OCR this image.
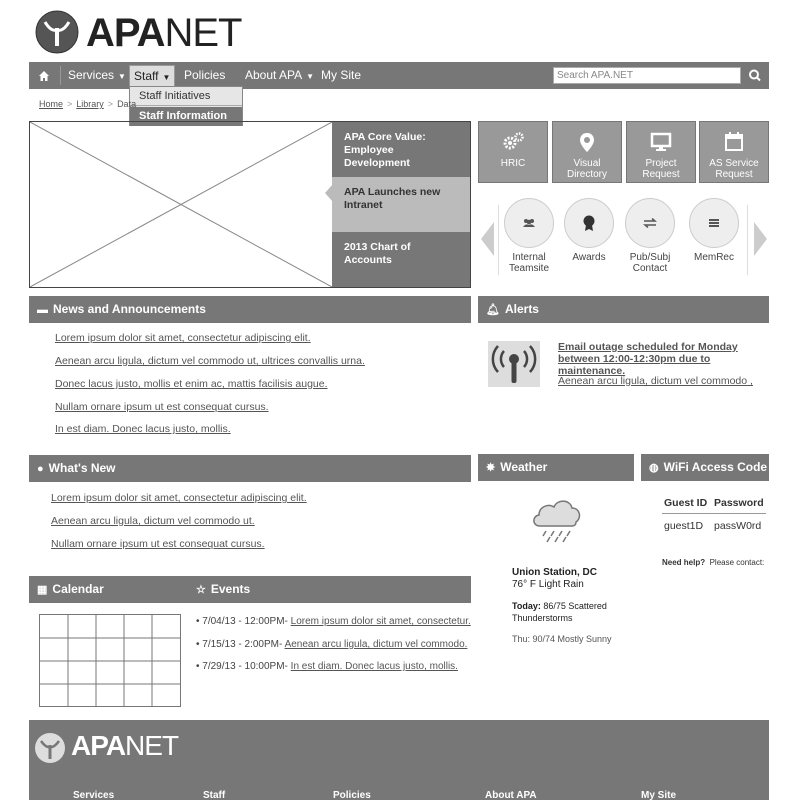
APANET
Services ▼ Staff ▼	Policies	About APA ▼ My Site	Search APA.NET
Staff Initiatives
Staff Information
Home > Library > Data
APA Core Value: Employee Development
APA Launches new Intranet
2013 Chart of Accounts
HRIC	Visual Directory
Project Request
AS Service Request
Internal Teamsite
Awards	Pub/Subj Contact
MemRec
▬ News and Announcements
Lorem ipsum dolor sit amet, consectetur adipiscing elit.
Aenean arcu ligula, dictum vel commodo ut, ultrices convallis urna.
Donec lacus justo, mollis et enim ac, mattis facilisis augue.
Nullam ornare ipsum ut est consequat cursus.
In est diam. Donec lacus justo, mollis.
🔔︎ Alerts
Email outage scheduled for Monday between 12:00-12:30pm due to maintenance.
Aenean arcu ligula, dictum vel commodo ,
● What's New
Lorem ipsum dolor sit amet, consectetur adipiscing elit.
Aenean arcu ligula, dictum vel commodo ut.
Nullam ornare ipsum ut est consequat cursus.
✸ Weather
Union Station, DC
76° F Light Rain
Today: 86/75 Scattered Thunderstorms
Thu: 90/74 Mostly Sunny
◍ WiFi Access Code
Guest ID Password
guest1D passW0rd
Need help? Please contact:
▦ Calendar	☆ Events
• 7/04/13 - 12:00PM- Lorem ipsum dolor sit amet, consectetur.
• 7/15/13 - 2:00PM- Aenean arcu ligula, dictum vel commodo.
• 7/29/13 - 10:00PM- In est diam. Donec lacus justo, mollis.
APANET
Services	Staff	Policies	About APA	My Site
